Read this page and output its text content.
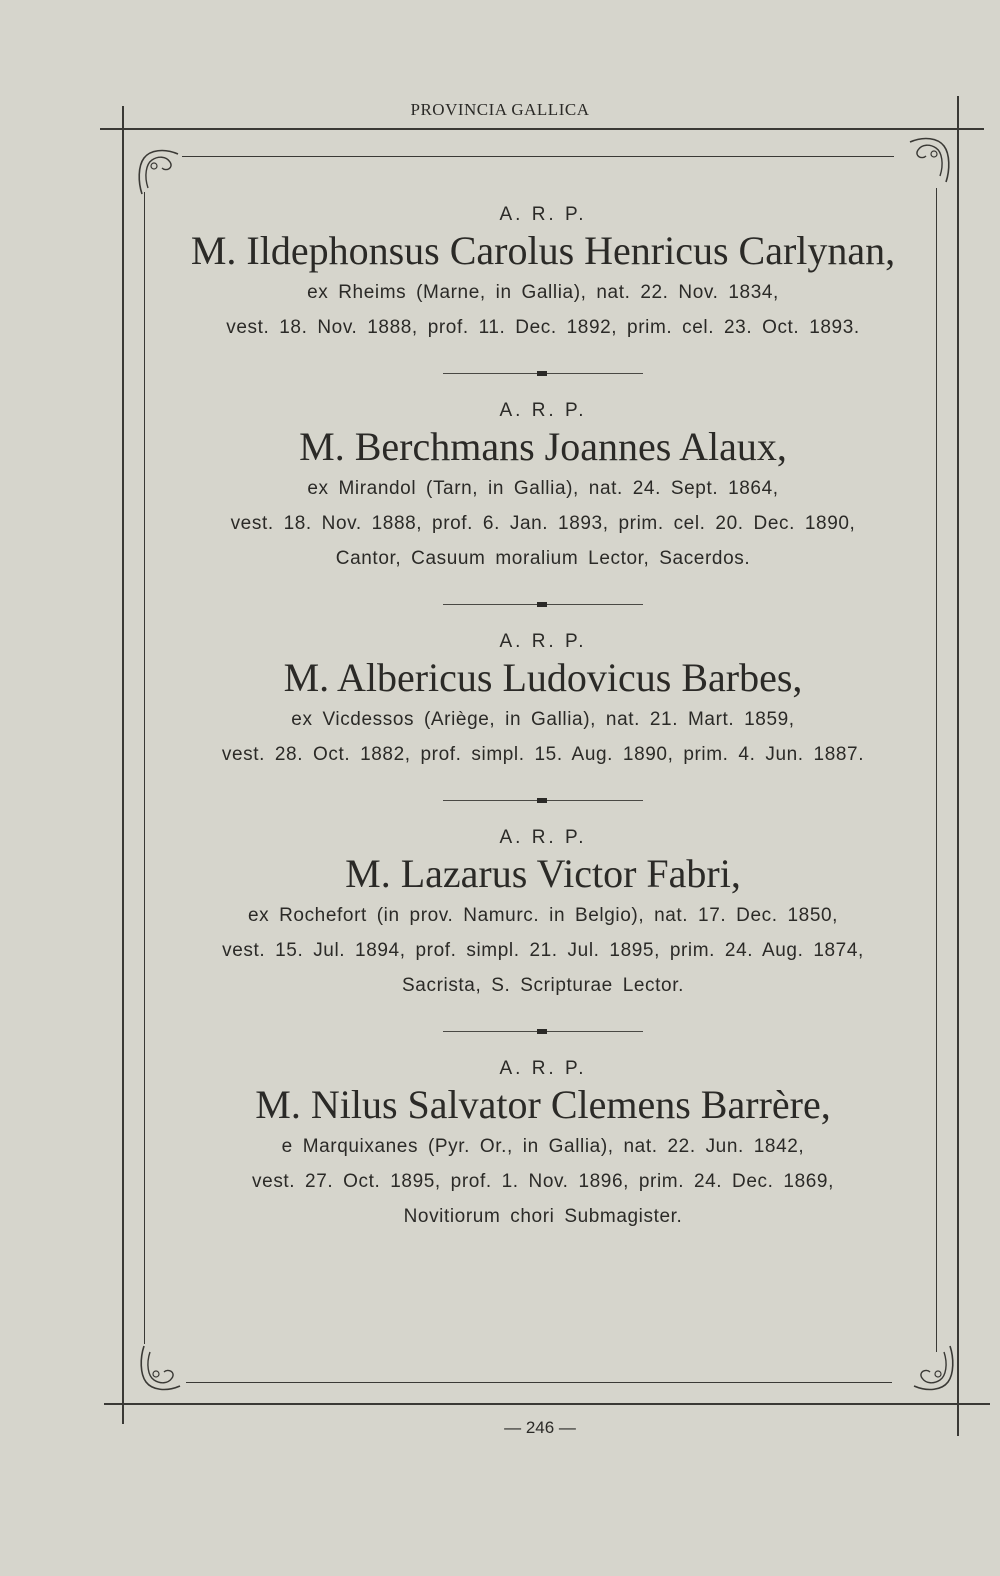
PROVINCIA GALLICA
A. R. P.
M. Ildephonsus Carolus Henricus Carlynan,
ex Rheims (Marne, in Gallia), nat. 22. Nov. 1834,
vest. 18. Nov. 1888, prof. 11. Dec. 1892, prim. cel. 23. Oct. 1893.
A. R. P.
M. Berchmans Joannes Alaux,
ex Mirandol (Tarn, in Gallia), nat. 24. Sept. 1864,
vest. 18. Nov. 1888, prof. 6. Jan. 1893, prim. cel. 20. Dec. 1890,
Cantor, Casuum moralium Lector, Sacerdos.
A. R. P.
M. Albericus Ludovicus Barbes,
ex Vicdessos (Ariège, in Gallia), nat. 21. Mart. 1859,
vest. 28. Oct. 1882, prof. simpl. 15. Aug. 1890, prim. 4. Jun. 1887.
A. R. P.
M. Lazarus Victor Fabri,
ex Rochefort (in prov. Namurc. in Belgio), nat. 17. Dec. 1850,
vest. 15. Jul. 1894, prof. simpl. 21. Jul. 1895, prim. 24. Aug. 1874,
Sacrista, S. Scripturae Lector.
A. R. P.
M. Nilus Salvator Clemens Barrère,
e Marquixanes (Pyr. Or., in Gallia), nat. 22. Jun. 1842,
vest. 27. Oct. 1895, prof. 1. Nov. 1896, prim. 24. Dec. 1869,
Novitiorum chori Submagister.
— 246 —
